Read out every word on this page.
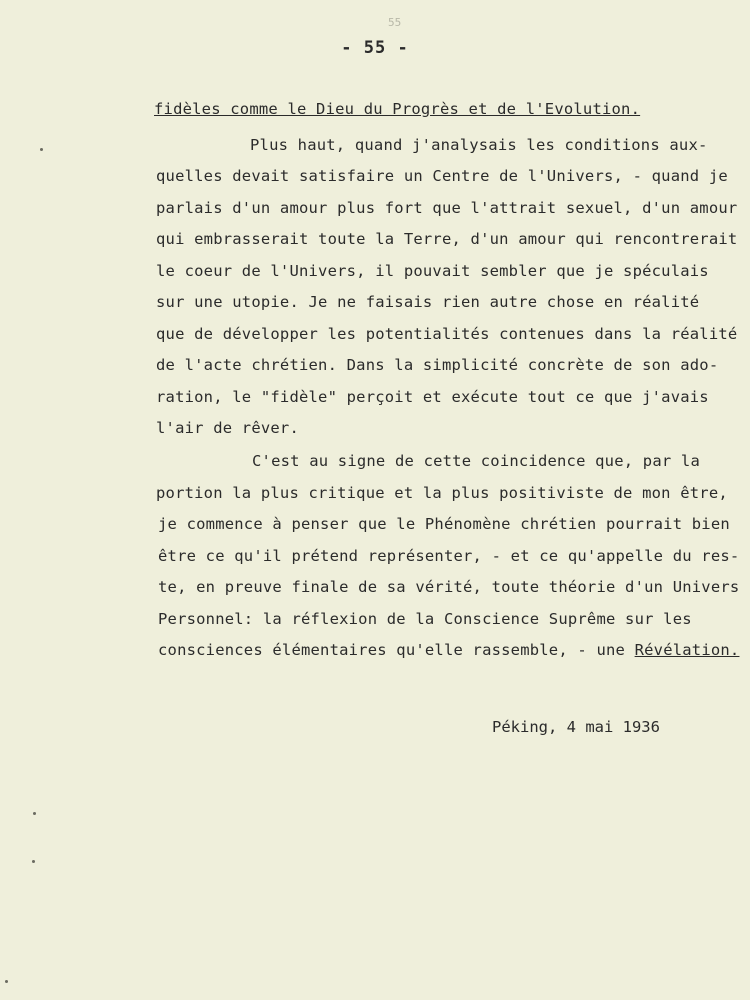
55
- 55 -
fidèles comme le Dieu du Progrès et de l'Evolution.
Plus haut, quand j'analysais les conditions aux-
quelles devait satisfaire un Centre de l'Univers, - quand je
parlais d'un amour plus fort que l'attrait sexuel, d'un amour
qui embrasserait toute la Terre, d'un amour qui rencontrerait
le coeur de l'Univers, il pouvait sembler que je spéculais
sur une utopie. Je ne faisais rien autre chose en réalité
que de développer les potentialités contenues dans la réalité
de l'acte chrétien. Dans la simplicité concrète de son ado-
ration, le "fidèle" perçoit et exécute tout ce que j'avais
l'air de rêver.
C'est au signe de cette coincidence que, par la
portion la plus critique et la plus positiviste de mon être,
je commence à penser que le Phénomène chrétien pourrait bien
être ce qu'il prétend représenter, - et ce qu'appelle du res-
te, en preuve finale de sa vérité, toute théorie d'un Univers
Personnel: la réflexion de la Conscience Suprême sur les
consciences élémentaires qu'elle rassemble, - une Révélation.
Péking, 4 mai 1936
